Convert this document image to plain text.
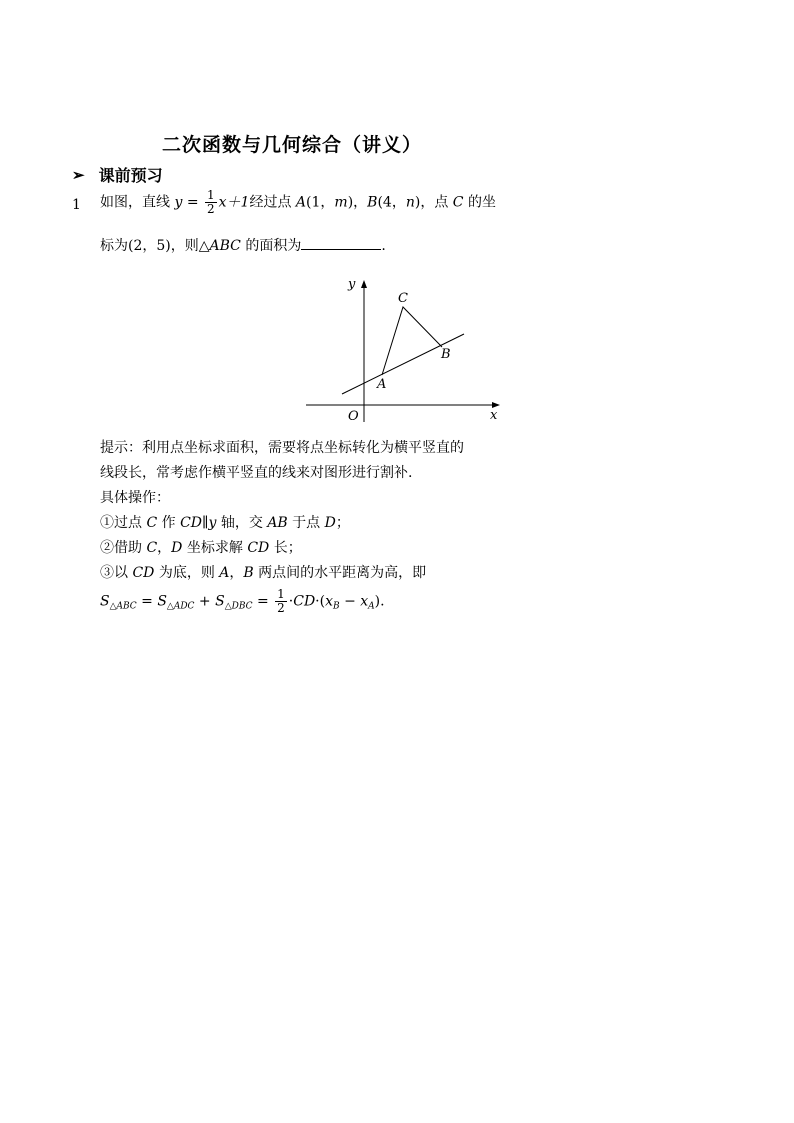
二次函数与几何综合（讲义）
➢ 课前预习
1 如图，直线 $y = \frac{1}{2} x+1$经过点 A(1，m)，B(4，n)，点 C 的坐
标为(2，5)，则△ABC 的面积为	.
y
x
O
A
B
C
提示：利用点坐标求面积，需要将点坐标转化为横平竖直的
线段长，常考虑作横平竖直的线来对图形进行割补.
具体操作：
①过点 C 作 CD∥y 轴，交 AB 于点 D；
②借助 C，D 坐标求解 CD 长；
③以 CD 为底，则 A，B 两点间的水平距离为高，即
$S_{\triangle ABC} = S_{\triangle ADC} + S_{\triangle DBC} = \frac{1}{2} \cdot CD\cdot(x_B - x_A)$.
